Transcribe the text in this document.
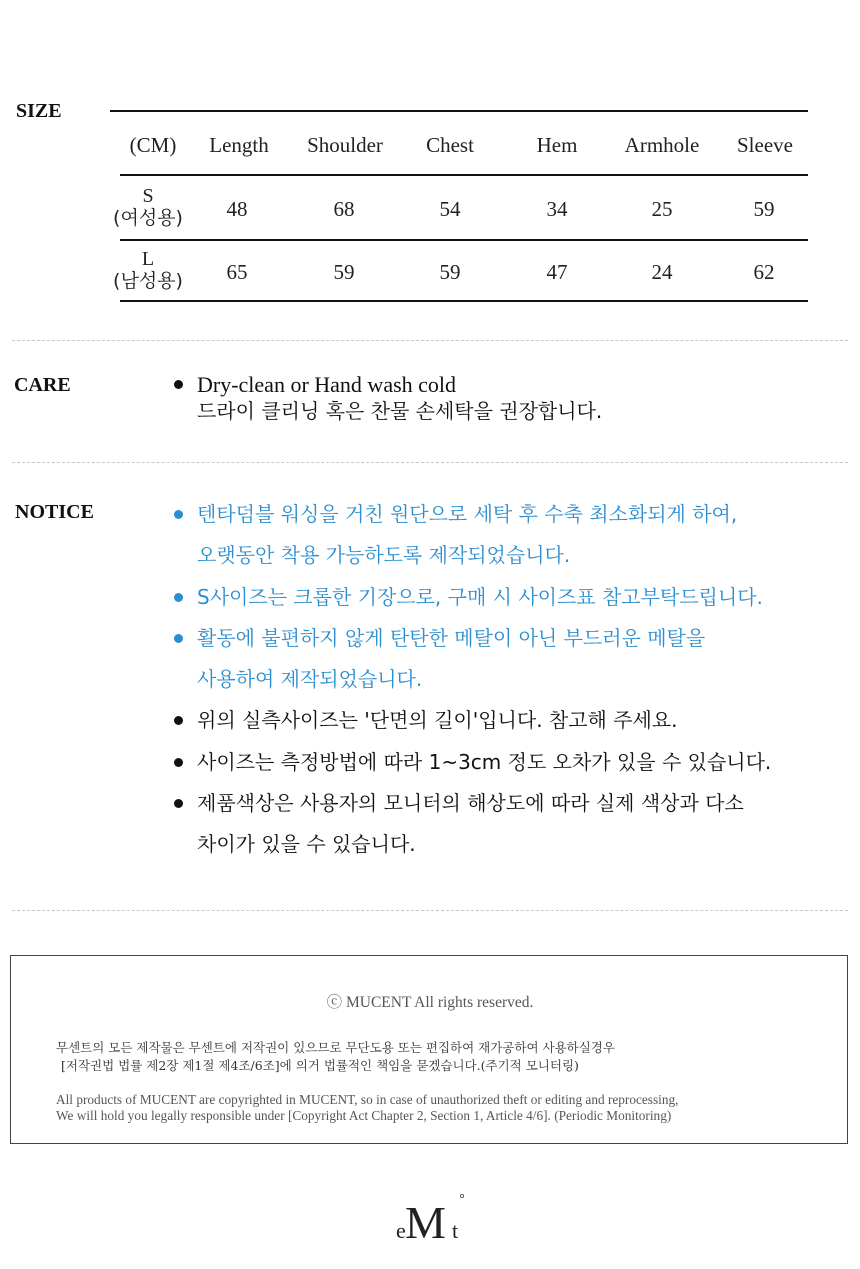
SIZE
(CM)	Length	Shoulder	Chest	Hem	Armhole	Sleeve
S
(여성용)	48	68	54	34	25	59
L
(남성용)	65	59	59	47	24	62
CARE	Dry-clean or Hand wash cold
드라이 클리닝 혹은 찬물 손세탁을 권장합니다.
NOTICE	텐타덤블 워싱을 거친 원단으로 세탁 후 수축 최소화되게 하여,
오랫동안 착용 가능하도록 제작되었습니다.
S사이즈는 크롭한 기장으로, 구매 시 사이즈표 참고부탁드립니다.
활동에 불편하지 않게 탄탄한 메탈이 아닌 부드러운 메탈을
사용하여 제작되었습니다.
위의 실측사이즈는 '단면의 길이'입니다. 참고해 주세요.
사이즈는 측정방법에 따라 1~3cm 정도 오차가 있을 수 있습니다.
제품색상은 사용자의 모니터의 해상도에 따라 실제 색상과 다소
차이가 있을 수 있습니다.
ⓒ MUCENT All rights reserved.
무센트의 모든 제작물은 무센트에 저작권이 있으므로 무단도용 또는 편집하여 재가공하여 사용하실경우
[저작권법 법률 제2장 제1절 제4조/6조]에 의거 법률적인 책임을 묻겠습니다.(주기적 모니터링)
All products of MUCENT are copyrighted in MUCENT, so in case of unauthorized theft or editing and reprocessing,
We will hold you legally responsible under [Copyright Act Chapter 2, Section 1, Article 4/6]. (Periodic Monitoring)
e M t
